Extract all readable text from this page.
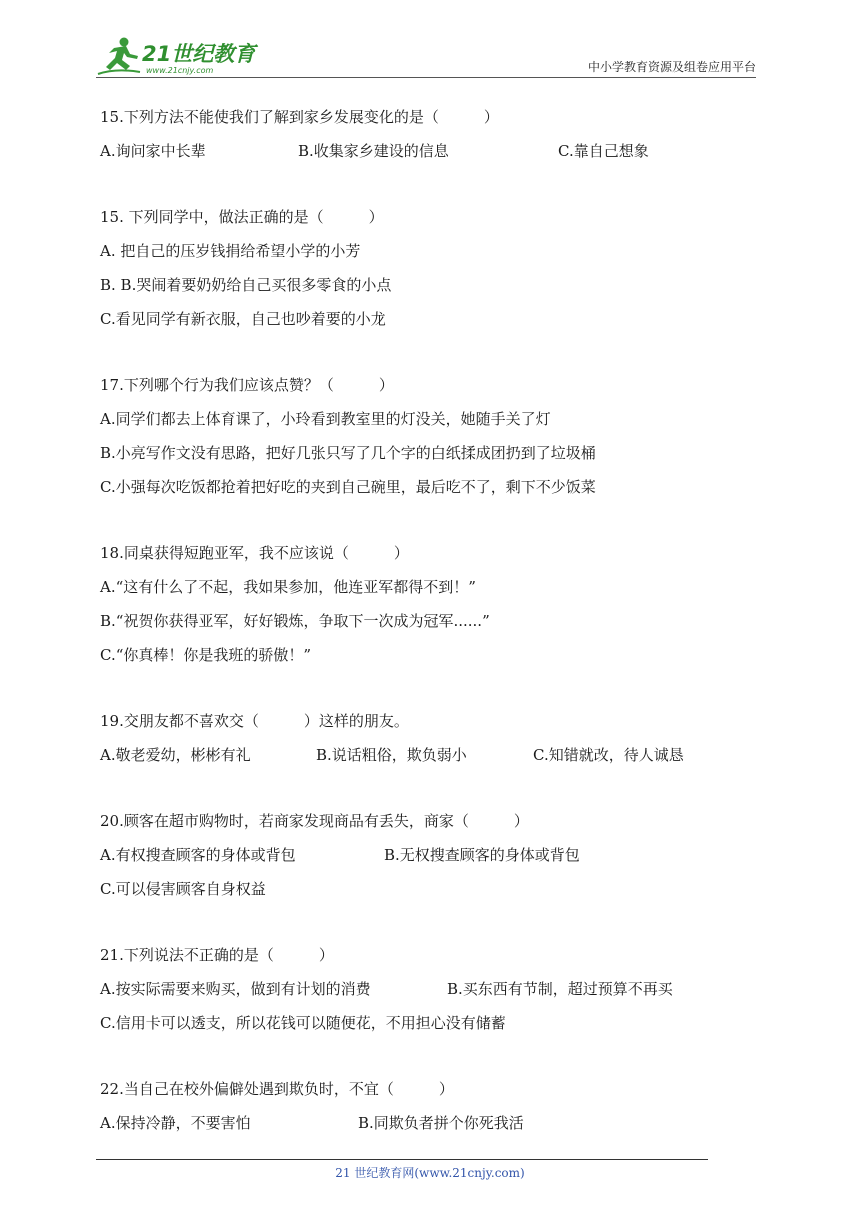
21世纪教育
www.21cnjy.com	中小学教育资源及组卷应用平台
15.下列方法不能使我们了解到家乡发展变化的是（　　　）
A.询问家中长辈	B.收集家乡建设的信息	C.靠自己想象
15. 下列同学中，做法正确的是（　　　）
A. 把自己的压岁钱捐给希望小学的小芳
B. B.哭闹着要奶奶给自己买很多零食的小点
C.看见同学有新衣服，自己也吵着要的小龙
17.下列哪个行为我们应该点赞？（　　　）
A.同学们都去上体育课了，小玲看到教室里的灯没关，她随手关了灯
B.小亮写作文没有思路，把好几张只写了几个字的白纸揉成团扔到了垃圾桶
C.小强每次吃饭都抢着把好吃的夹到自己碗里，最后吃不了，剩下不少饭菜
18.同桌获得短跑亚军，我不应该说（　　　）
A.“这有什么了不起，我如果参加，他连亚军都得不到！”
B.“祝贺你获得亚军，好好锻炼，争取下一次成为冠军......”
C.“你真棒！你是我班的骄傲！”
19.交朋友都不喜欢交（　　　）这样的朋友。
A.敬老爱幼，彬彬有礼	B.说话粗俗，欺负弱小	C.知错就改，待人诚恳
20.顾客在超市购物时，若商家发现商品有丢失，商家（　　　）
A.有权搜查顾客的身体或背包	B.无权搜查顾客的身体或背包
C.可以侵害顾客自身权益
21.下列说法不正确的是（　　　）
A.按实际需要来购买，做到有计划的消费	B.买东西有节制，超过预算不再买
C.信用卡可以透支，所以花钱可以随便花，不用担心没有储蓄
22.当自己在校外偏僻处遇到欺负时，不宜（　　　）
A.保持冷静，不要害怕	B.同欺负者拼个你死我活
21 世纪教育网(www.21cnjy.com)
